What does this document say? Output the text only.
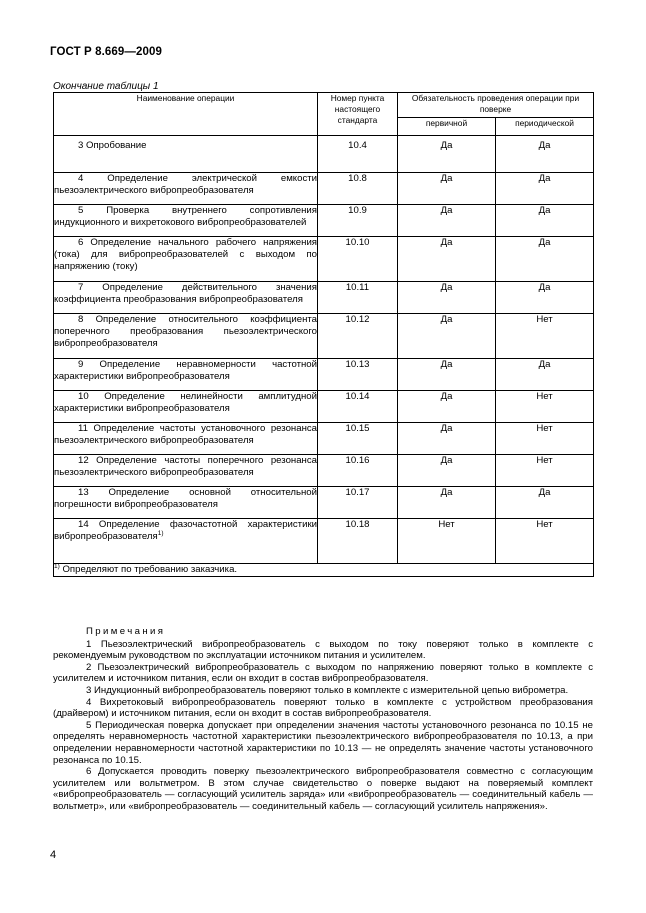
ГОСТ Р 8.669—2009
Окончание таблицы 1
Наименование операции	Номер пункта настоящего стандарта	Обязательность проведения операции при поверке	
		первичной	периодической

3 Опробование	10.4	Да	Да
4 Определение электрической емкости пьезоэлектрического вибропреобразователя	10.8	Да	Да
5 Проверка внутреннего сопротивления индукционного и вихретокового вибропреобразователей	10.9	Да	Да
6 Определение начального рабочего напряжения (тока) для вибропреобразователей с выходом по напряжению (току)	10.10	Да	Да
7 Определение действительного значения коэффициента преобразования вибропреобразователя	10.11	Да	Да
8 Определение относительного коэффициента поперечного преобразования пьезоэлектрического вибропреобразователя	10.12	Да	Нет
9 Определение неравномерности частотной характеристики вибропреобразователя	10.13	Да	Да
10 Определение нелинейности амплитудной характеристики вибропреобразователя	10.14	Да	Нет
11 Определение частоты установочного резонанса пьезоэлектрического вибропреобразователя	10.15	Да	Нет
12 Определение частоты поперечного резонанса пьезоэлектрического вибропреобразователя	10.16	Да	Нет
13 Определение основной относительной погрешности вибропреобразователя	10.17	Да	Да
14 Определение фазочастотной характеристики вибропреобразователя$^{1)}$	10.18	Нет	Нет
$^{1)}$ Определяют по требованию заказчика.			
Примечания

1 Пьезоэлектрический вибропреобразователь с выходом по току поверяют только в комплекте с рекомендуемым руководством по эксплуатации источником питания и усилителем.

2 Пьезоэлектрический вибропреобразователь с выходом по напряжению поверяют только в комплекте с усилителем и источником питания, если он входит в состав вибропреобразователя.

3 Индукционный вибропреобразователь поверяют только в комплекте с измерительной цепью виброметра.

4 Вихретоковый вибропреобразователь поверяют только в комплекте с устройством преобразования (драйвером) и источником питания, если он входит в состав вибропреобразователя.

5 Периодическая поверка допускает при определении значения частоты установочного резонанса по 10.15 не определять неравномерность частотной характеристики пьезоэлектрического вибропреобразователя по 10.13, а при определении неравномерности частотной характеристики по 10.13 — не определять значение частоты установочного резонанса по 10.15.

6 Допускается проводить поверку пьезоэлектрического вибропреобразователя совместно с согласующим усилителем или вольтметром. В этом случае свидетельство о поверке выдают на поверяемый комплект «вибропреобразователь — согласующий усилитель заряда» или «вибропреобразователь — соединительный кабель — вольтметр», или «вибропреобразователь — соединительный кабель — согласующий усилитель напряжения».

4
